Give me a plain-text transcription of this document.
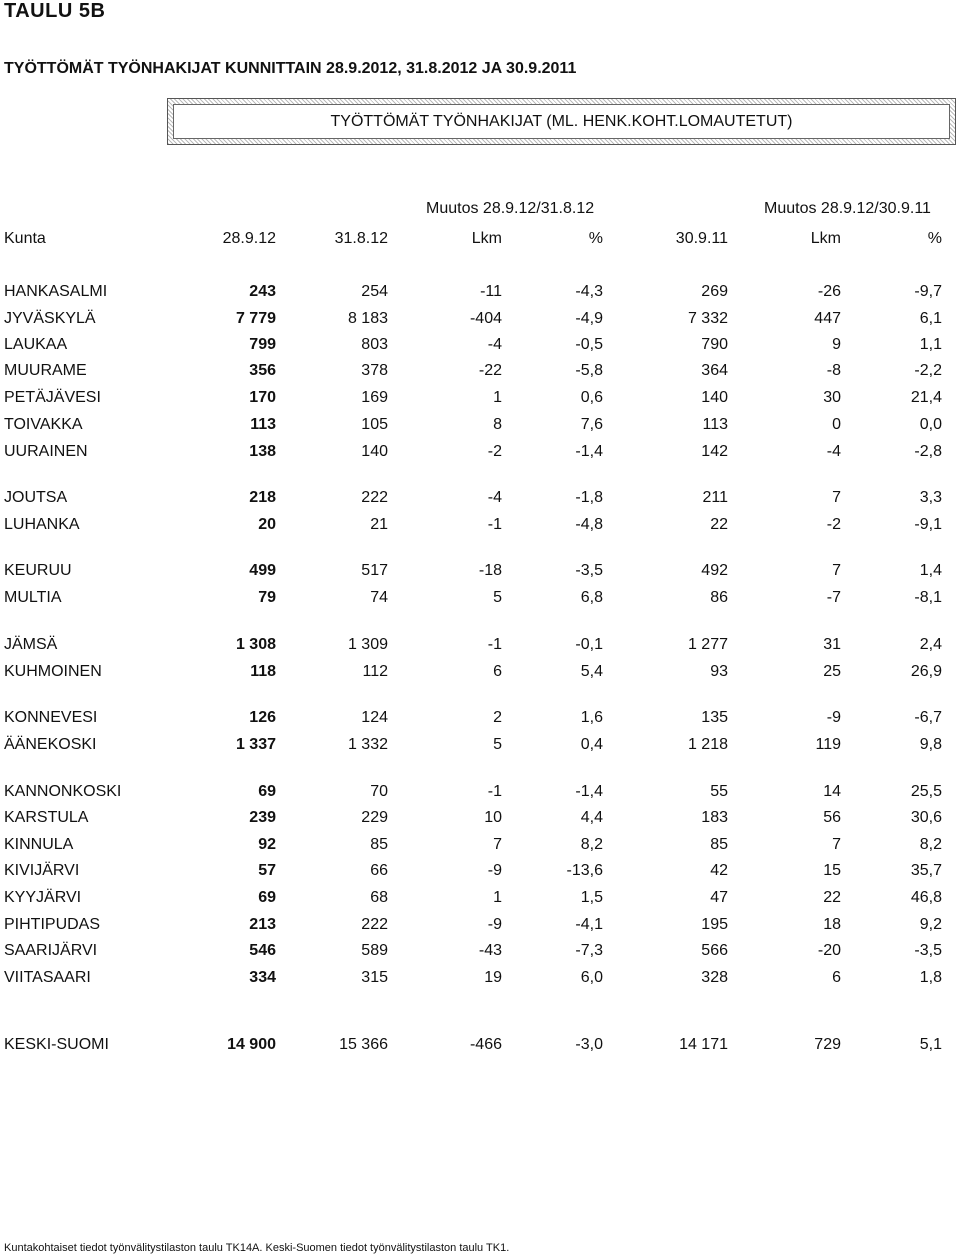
TAULU 5B
TYÖTTÖMÄT TYÖNHAKIJAT KUNNITTAIN 28.9.2012, 31.8.2012 JA 30.9.2011
TYÖTTÖMÄT TYÖNHAKIJAT (ML. HENK.KOHT.LOMAUTETUT)
Muutos 28.9.12/31.8.12	Muutos 28.9.12/30.9.11
Kunta	28.9.12	31.8.12	Lkm	%	30.9.11	Lkm	%
HANKASALMI	243	254	-11	-4,3	269	-26	-9,7
JYVÄSKYLÄ	7 779	8 183	-404	-4,9	7 332	447	6,1
LAUKAA	799	803	-4	-0,5	790	9	1,1
MUURAME	356	378	-22	-5,8	364	-8	-2,2
PETÄJÄVESI	170	169	1	0,6	140	30	21,4
TOIVAKKA	113	105	8	7,6	113	0	0,0
UURAINEN	138	140	-2	-1,4	142	-4	-2,8
JOUTSA	218	222	-4	-1,8	211	7	3,3
LUHANKA	20	21	-1	-4,8	22	-2	-9,1
KEURUU	499	517	-18	-3,5	492	7	1,4
MULTIA	79	74	5	6,8	86	-7	-8,1
JÄMSÄ	1 308	1 309	-1	-0,1	1 277	31	2,4
KUHMOINEN	118	112	6	5,4	93	25	26,9
KONNEVESI	126	124	2	1,6	135	-9	-6,7
ÄÄNEKOSKI	1 337	1 332	5	0,4	1 218	119	9,8
KANNONKOSKI	69	70	-1	-1,4	55	14	25,5
KARSTULA	239	229	10	4,4	183	56	30,6
KINNULA	92	85	7	8,2	85	7	8,2
KIVIJÄRVI	57	66	-9	-13,6	42	15	35,7
KYYJÄRVI	69	68	1	1,5	47	22	46,8
PIHTIPUDAS	213	222	-9	-4,1	195	18	9,2
SAARIJÄRVI	546	589	-43	-7,3	566	-20	-3,5
VIITASAARI	334	315	19	6,0	328	6	1,8
KESKI-SUOMI	14 900	15 366	-466	-3,0	14 171	729	5,1
Kuntakohtaiset tiedot työnvälitystilaston taulu TK14A. Keski-Suomen tiedot työnvälitystilaston taulu TK1.
